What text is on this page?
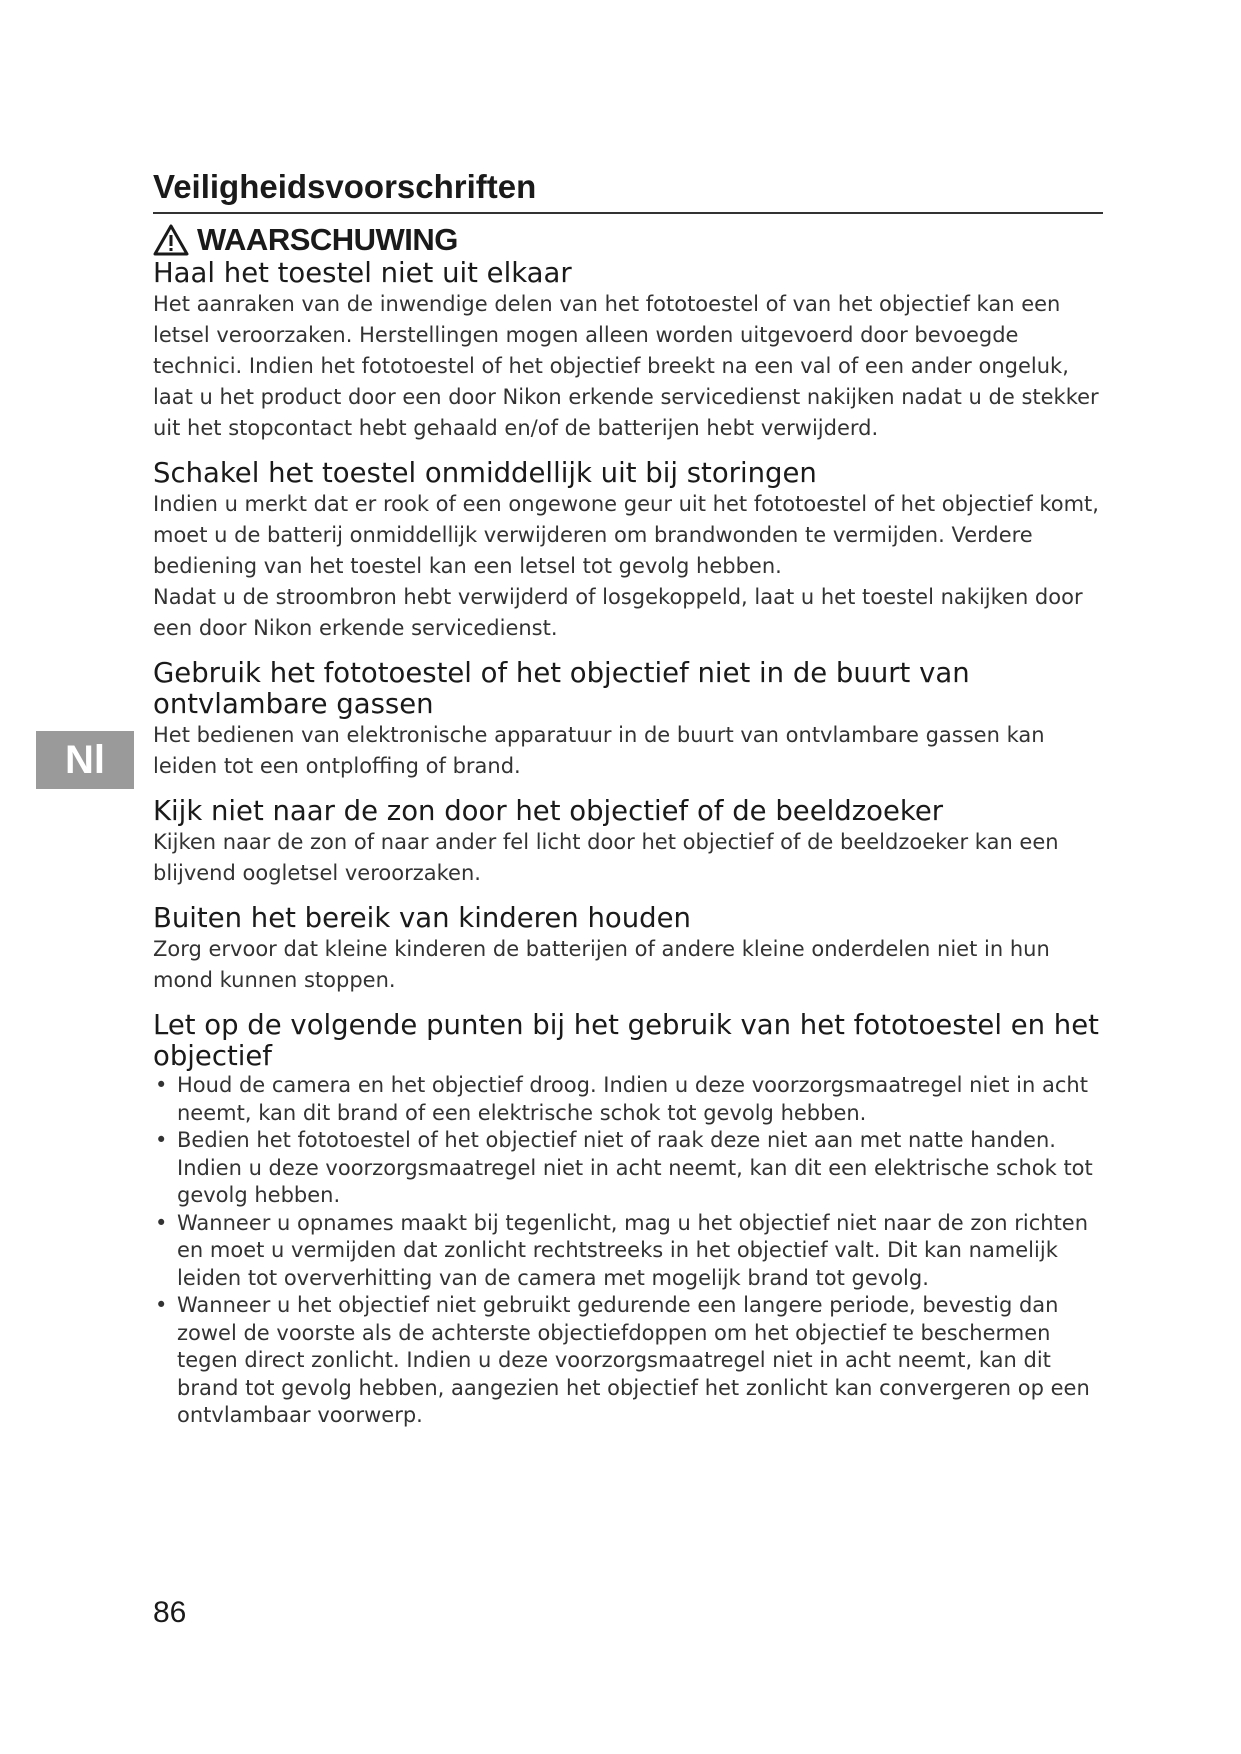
Veiligheidsvoorschriften
WAARSCHUWING
Haal het toestel niet uit elkaar

Het aanraken van de inwendige delen van het fototoestel of van het objectief kan een letsel veroorzaken. Herstellingen mogen alleen worden uitgevoerd door bevoegde technici. Indien het fototoestel of het objectief breekt na een val of een ander ongeluk, laat u het product door een door Nikon erkende servicedienst nakijken nadat u de stekker uit het stopcontact hebt gehaald en/of de batterijen hebt verwijderd.

Schakel het toestel onmiddellijk uit bij storingen

Indien u merkt dat er rook of een ongewone geur uit het fototoestel of het objectief komt, moet u de batterij onmiddellijk verwijderen om brandwonden te vermijden. Verdere bediening van het toestel kan een letsel tot gevolg hebben.

Nadat u de stroombron hebt verwijderd of losgekoppeld, laat u het toestel nakijken door een door Nikon erkende servicedienst.

Gebruik het fototoestel of het objectief niet in de buurt van ontvlambare gassen

Het bedienen van elektronische apparatuur in de buurt van ontvlambare gassen kan leiden tot een ontploffing of brand.

Kijk niet naar de zon door het objectief of de beeldzoeker

Kijken naar de zon of naar ander fel licht door het objectief of de beeldzoeker kan een blijvend oogletsel veroorzaken.

Buiten het bereik van kinderen houden

Zorg ervoor dat kleine kinderen de batterijen of andere kleine onderdelen niet in hun mond kunnen stoppen.

Let op de volgende punten bij het gebruik van het fototoestel en het objectief
• Houd de camera en het objectief droog. Indien u deze voorzorgsmaatregel niet in acht neemt, kan dit brand of een elektrische schok tot gevolg hebben.
• Bedien het fototoestel of het objectief niet of raak deze niet aan met natte handen. Indien u deze voorzorgsmaatregel niet in acht neemt, kan dit een elektrische schok tot gevolg hebben.
• Wanneer u opnames maakt bij tegenlicht, mag u het objectief niet naar de zon richten en moet u vermijden dat zonlicht rechtstreeks in het objectief valt. Dit kan namelijk leiden tot oververhitting van de camera met mogelijk brand tot gevolg.
• Wanneer u het objectief niet gebruikt gedurende een langere periode, bevestig dan zowel de voorste als de achterste objectiefdoppen om het objectief te beschermen tegen direct zonlicht. Indien u deze voorzorgsmaatregel niet in acht neemt, kan dit brand tot gevolg hebben, aangezien het objectief het zonlicht kan convergeren op een ontvlambaar voorwerp.
Nl
86
